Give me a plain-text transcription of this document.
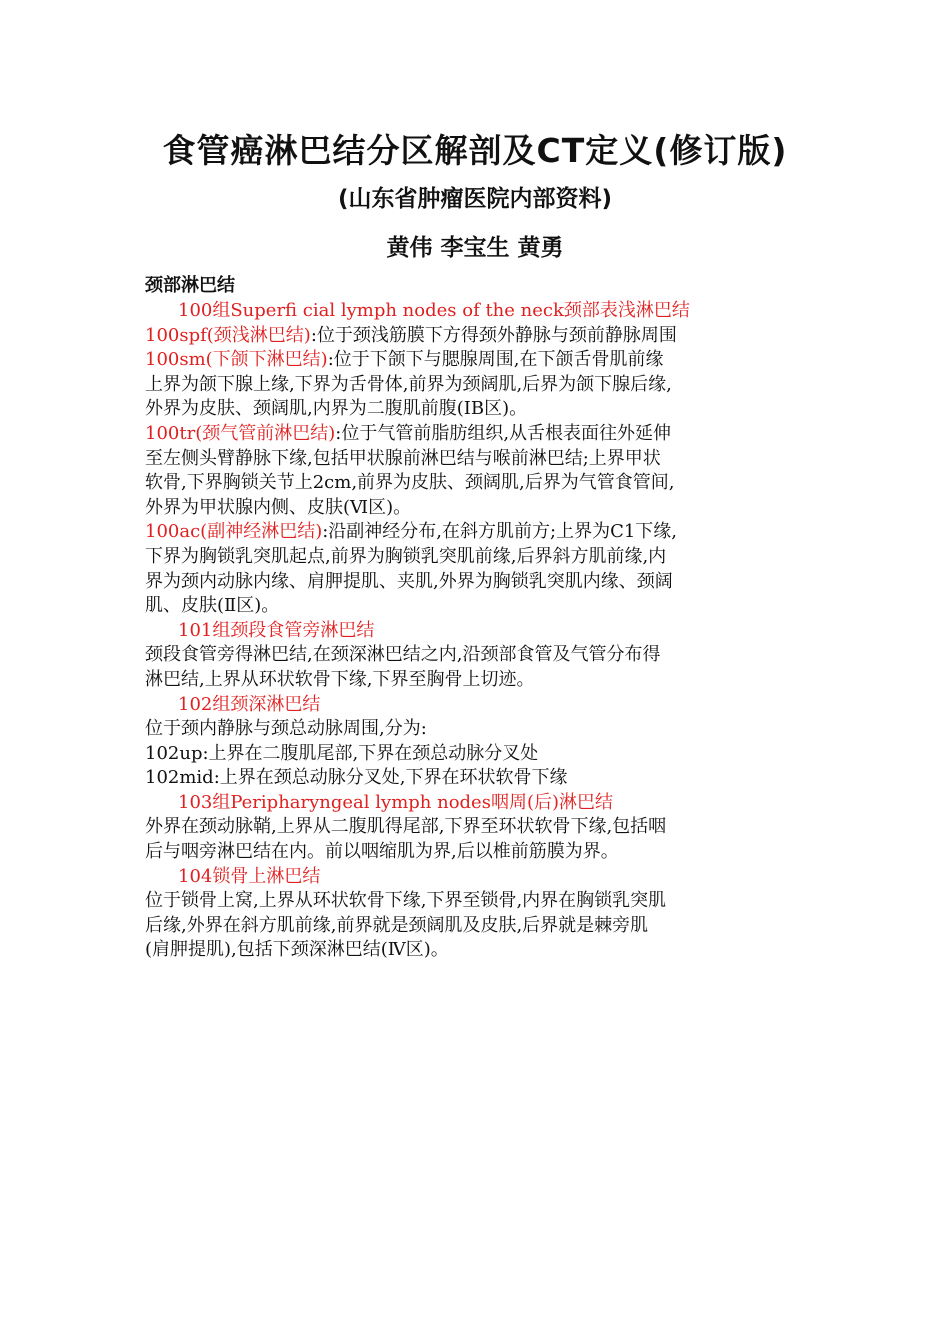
食管癌淋巴结分区解剖及CT定义(修订版)
(山东省肿瘤医院内部资料)
黄伟 李宝生 黄勇
颈部淋巴结
100组Superfi cial lymph nodes of the neck颈部表浅淋巴结
100spf(颈浅淋巴结):位于颈浅筋膜下方得颈外静脉与颈前静脉周围
100sm(下颌下淋巴结):位于下颌下与腮腺周围,在下颌舌骨肌前缘
上界为颌下腺上缘,下界为舌骨体,前界为颈阔肌,后界为颌下腺后缘,
外界为皮肤、颈阔肌,内界为二腹肌前腹(ⅠB区)。
100tr(颈气管前淋巴结):位于气管前脂肪组织,从舌根表面往外延伸
至左侧头臂静脉下缘,包括甲状腺前淋巴结与喉前淋巴结;上界甲状
软骨,下界胸锁关节上2cm,前界为皮肤、颈阔肌,后界为气管食管间,
外界为甲状腺内侧、皮肤(Ⅵ区)。
100ac(副神经淋巴结):沿副神经分布,在斜方肌前方;上界为C1下缘,
下界为胸锁乳突肌起点,前界为胸锁乳突肌前缘,后界斜方肌前缘,内
界为颈内动脉内缘、肩胛提肌、夹肌,外界为胸锁乳突肌内缘、颈阔
肌、皮肤(Ⅱ区)。
101组颈段食管旁淋巴结
颈段食管旁得淋巴结,在颈深淋巴结之内,沿颈部食管及气管分布得
淋巴结,上界从环状软骨下缘,下界至胸骨上切迹。
102组颈深淋巴结
位于颈内静脉与颈总动脉周围,分为:
102up:上界在二腹肌尾部,下界在颈总动脉分叉处
102mid:上界在颈总动脉分叉处,下界在环状软骨下缘
103组Peripharyngeal lymph nodes咽周(后)淋巴结
外界在颈动脉鞘,上界从二腹肌得尾部,下界至环状软骨下缘,包括咽
后与咽旁淋巴结在内。前以咽缩肌为界,后以椎前筋膜为界。
104锁骨上淋巴结
位于锁骨上窝,上界从环状软骨下缘,下界至锁骨,内界在胸锁乳突肌
后缘,外界在斜方肌前缘,前界就是颈阔肌及皮肤,后界就是棘旁肌
(肩胛提肌),包括下颈深淋巴结(Ⅳ区)。
